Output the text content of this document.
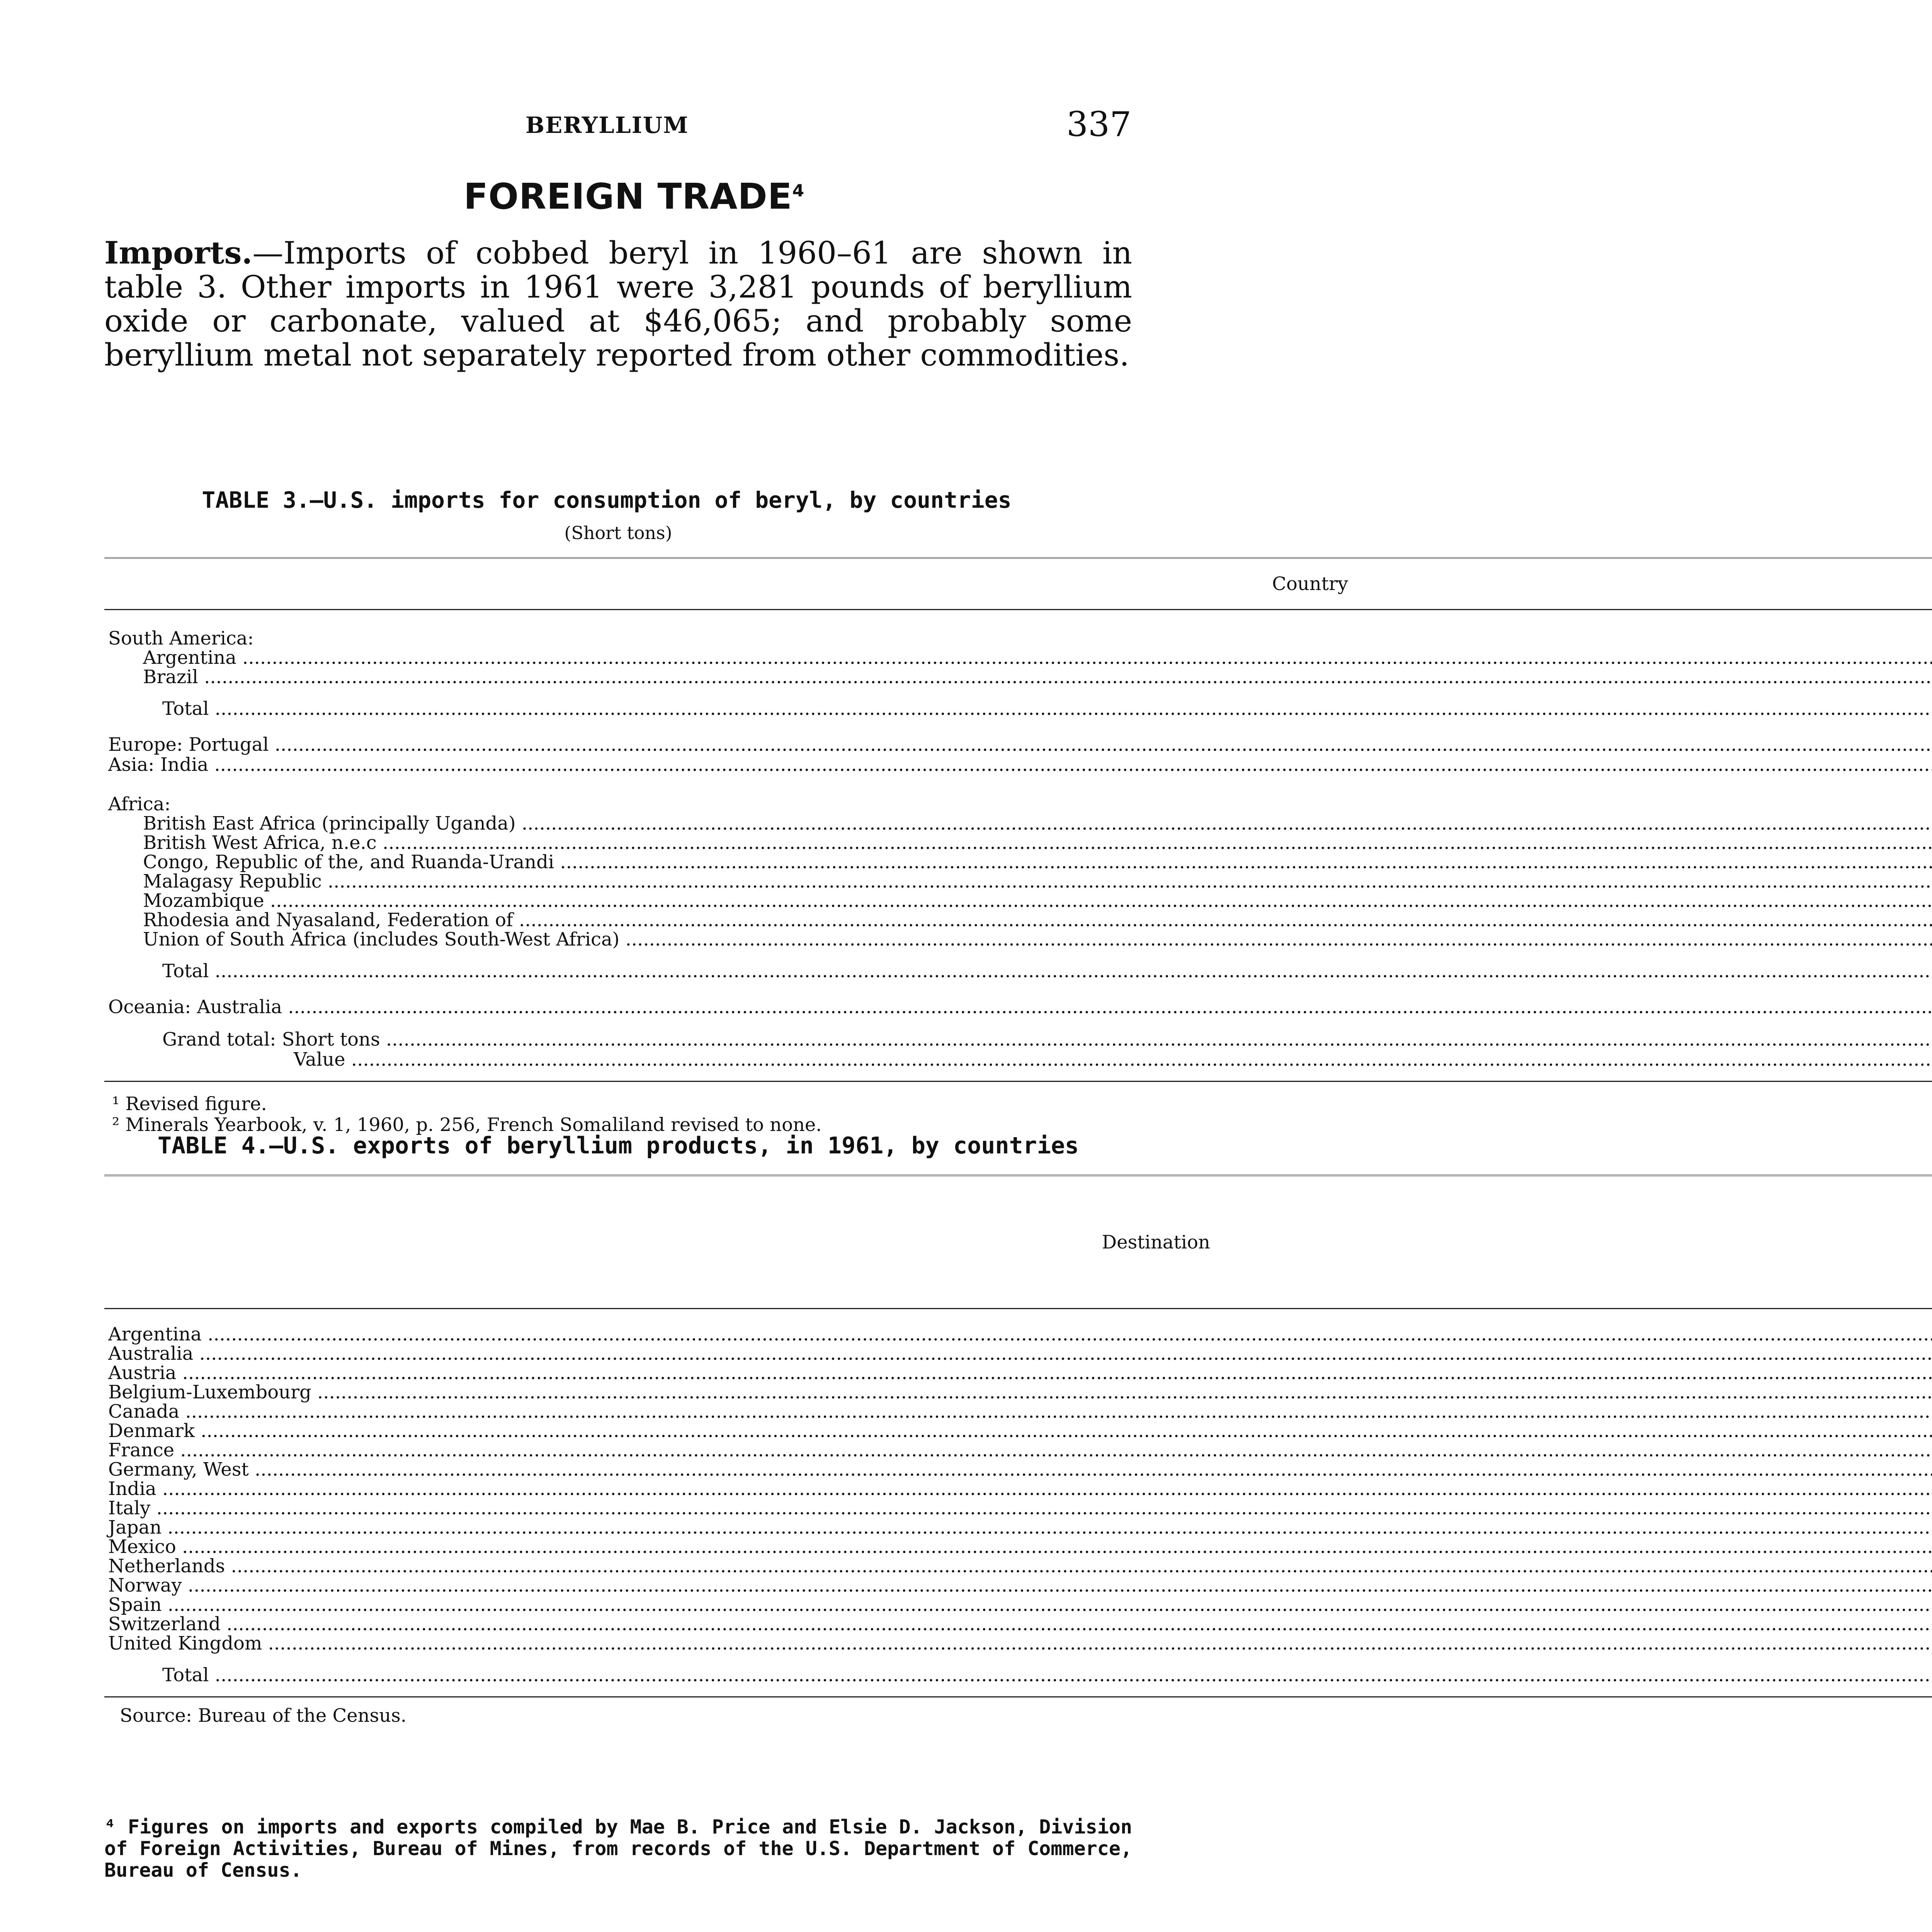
BERYLLIUM	337
FOREIGN TRADE$^4$
Imports.—Imports of cobbed beryl in 1960–61 are shown in table 3. Other imports in 1961 were 3,281 pounds of beryllium oxide or carbonate, valued at $46,065; and probably some beryllium metal not separately reported from other commodities.
TABLE 3.—U.S. imports for consumption of beryl, by countries
(Short tons)
Country		
South America:		
Argentina .....		
Brazil .....		
Total .....		
Europe: Portugal .....		
Asia: India .....		
Africa:		
British East Africa (principally Uganda) .....		
British West Africa, n.e.c .....		
Congo, Republic of the, and Ruanda-Urandi .....		
Malagasy Republic .....		
Mozambique .....		
Rhodesia and Nyasaland, Federation of .....		
Union of South Africa (includes South-West Africa) .....		
Total .....		
Oceania: Australia .....		
Grand total: Short tons .....		
Value .....		
¹ Revised figure.
² Minerals Yearbook, v. 1, 1960, p. 256, French Somaliland revised to none.
TABLE 4.—U.S. exports of beryllium products, in 1961, by countries
Destination			

Argentina .....						
Australia .....						
Austria .....						
Belgium-Luxembourg .....						
Canada .....						
Denmark .....						
France .....						
Germany, West .....						
India .....						
Italy .....						
Japan .....						
Mexico .....						
Netherlands .....						
Norway .....						
Spain .....						
Switzerland .....						
United Kingdom .....						
Total .....						
Source: Bureau of the Census.
⁴ Figures on imports and exports compiled by Mae B. Price and Elsie D. Jackson, Division of Foreign Activities, Bureau of Mines, from records of the U.S. Department of Commerce, Bureau of Census.
